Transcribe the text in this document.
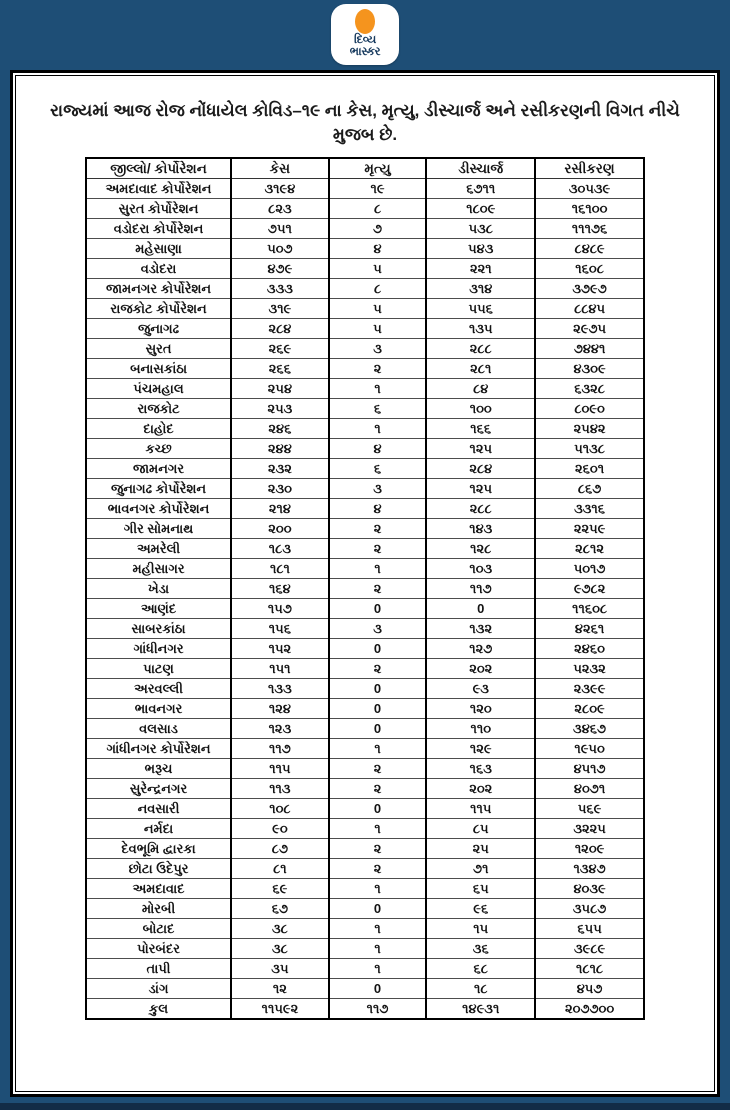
દિવ્ય
ભાસ્કર

રાજ્યમાં આજ રોજ નોંધાયેલ કોવિડ–૧૯ ના કેસ, મૃત્યુ, ડીસ્ચાર્જ અને રસીકરણની વિગત નીચે મુજબ છે.

જીલ્લો/ કોર્પોરેશન	કેસ	મૃત્યુ	ડીસ્ચાર્જ	રસીકરણ
અમદાવાદ કોર્પોરેશન	૩૧૯૪	૧૯	૬૭૧૧	૩૦૫૩૯
સુરત કોર્પોરેશન	૮૨૩	૮	૧૮૦૯	૧૬૧૦૦
વડોદરા કોર્પોરેશન	૭૫૧	૭	૫૩૮	૧૧૧૭૬
મહેસાણા	૫૦૭	૪	૫૪૩	૮૪૮૯
વડોદરા	૪૭૯	૫	૨૨૧	૧૬૦૮
જામનગર કોર્પોરેશન	૩૩૩	૮	૩૧૪	૩૭૯૭
રાજકોટ કોર્પોરેશન	૩૧૯	૫	૫૫૬	૮૮૪૫
જુનાગઢ	૨૮૪	૫	૧૩૫	૨૯૭૫
સુરત	૨૬૯	૩	૨૮૮	૭૪૪૧
બનાસકાંઠા	૨૬૬	૨	૨૮૧	૪૩૦૯
પંચમહાલ	૨૫૪	૧	૮૪	૬૩૨૮
રાજકોટ	૨૫૩	૬	૧૦૦	૮૦૯૦
દાહોદ	૨૪૬	૧	૧૬૬	૨૫૪૨
કચ્છ	૨૪૪	૪	૧૨૫	૫૧૩૮
જામનગર	૨૩૨	૬	૨૮૪	૨૬૦૧
જુનાગઢ કોર્પોરેશન	૨૩૦	૩	૧૨૫	૮૬૭
ભાવનગર કોર્પોરેશન	૨૧૪	૪	૨૮૮	૩૩૧૬
ગીર સોમનાથ	૨૦૦	૨	૧૪૩	૨૨૫૯
અમરેલી	૧૮૩	૨	૧૨૮	૨૮૧૨
મહીસાગર	૧૮૧	૧	૧૦૩	૫૦૧૭
ખેડા	૧૬૪	૨	૧૧૭	૯૭૮૨
આણંદ	૧૫૭	0	0	૧૧૬૦૮
સાબરકાંઠા	૧૫૬	૩	૧૩૨	૪૨૬૧
ગાંધીનગર	૧૫૨	0	૧૨૭	૨૪૬૦
પાટણ	૧૫૧	૨	૨૦૨	૫૨૩૨
અરવલ્લી	૧૩૩	0	૯૩	૨૩૯૯
ભાવનગર	૧૨૪	0	૧૨૦	૨૮૦૯
વલસાડ	૧૨૩	0	૧૧૦	૩૪૬૭
ગાંધીનગર કોર્પોરેશન	૧૧૭	૧	૧૨૯	૧૯૫૦
ભરૂચ	૧૧૫	૨	૧૬૩	૪૫૧૭
સુરેન્દ્રનગર	૧૧૩	૨	૨૦૨	૪૦૭૧
નવસારી	૧૦૮	0	૧૧૫	૫૬૯
નર્મદા	૯૦	૧	૮૫	૩૨૨૫
દેવભૂમિ દ્વારકા	૮૭	૨	૨૫	૧૨૦૯
છોટા ઉદેપુર	૮૧	૨	૭૧	૧૩૪૭
અમદાવાદ	૬૯	૧	૬૫	૪૦૩૯
મોરબી	૬૭	0	૯૬	૩૫૮૭
બોટાદ	૩૮	૧	૧૫	૬૫૫
પોરબંદર	૩૮	૧	૩૬	૩૯૮૯
તાપી	૩૫	૧	૬૮	૧૮૧૮
ડાંગ	૧૨	0	૧૮	૪૫૭
કુલ	૧૧૫૯૨	૧૧૭	૧૪૯૩૧	૨૦૭૭૦૦
